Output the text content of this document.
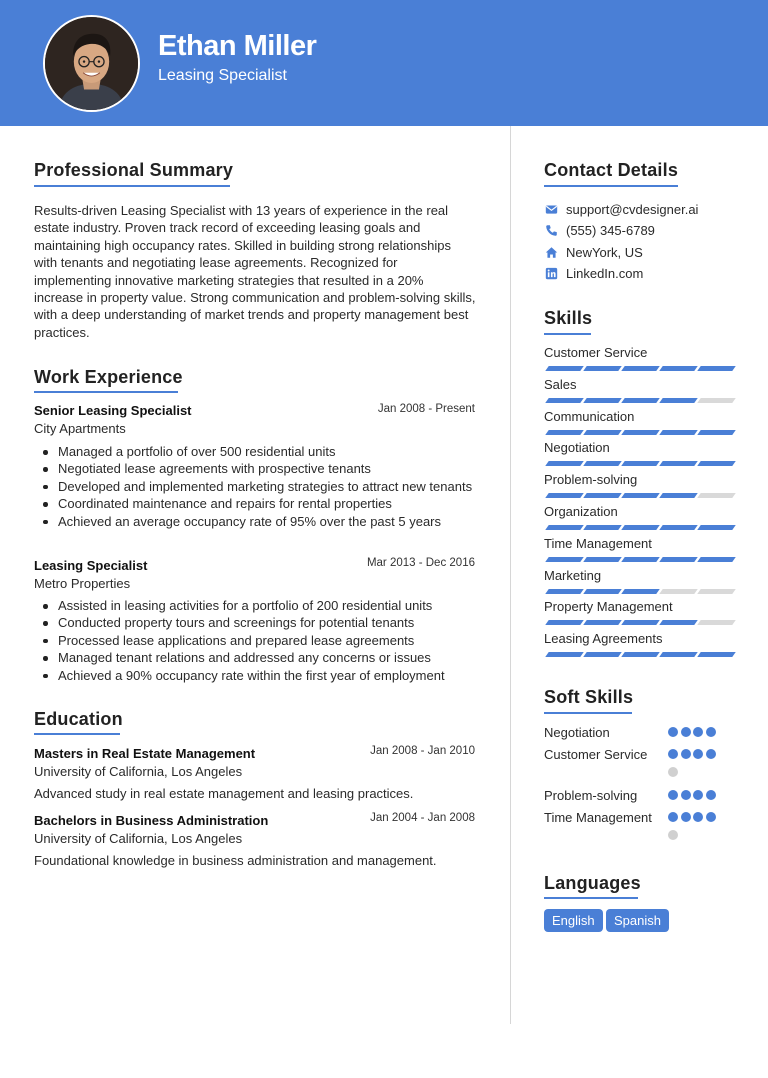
Ethan Miller
Leasing Specialist
Professional Summary
Results-driven Leasing Specialist with 13 years of experience in the real estate industry. Proven track record of exceeding leasing goals and maintaining high occupancy rates. Skilled in building strong relationships with tenants and negotiating lease agreements. Recognized for implementing innovative marketing strategies that resulted in a 20% increase in property value. Strong communication and problem-solving skills, with a deep understanding of market trends and property management best practices.
Work Experience
Senior Leasing Specialist	Jan 2008 - Present
City Apartments
Managed a portfolio of over 500 residential units
Negotiated lease agreements with prospective tenants
Developed and implemented marketing strategies to attract new tenants
Coordinated maintenance and repairs for rental properties
Achieved an average occupancy rate of 95% over the past 5 years
Leasing Specialist	Mar 2013 - Dec 2016
Metro Properties
Assisted in leasing activities for a portfolio of 200 residential units
Conducted property tours and screenings for potential tenants
Processed lease applications and prepared lease agreements
Managed tenant relations and addressed any concerns or issues
Achieved a 90% occupancy rate within the first year of employment
Education
Masters in Real Estate Management	Jan 2008 - Jan 2010
University of California, Los Angeles
Advanced study in real estate management and leasing practices.
Bachelors in Business Administration	Jan 2004 - Jan 2008
University of California, Los Angeles
Foundational knowledge in business administration and management.
Contact Details
support@cvdesigner.ai
(555) 345-6789
NewYork, US
LinkedIn.com
Skills
Customer Service
Sales
Communication
Negotiation
Problem-solving
Organization
Time Management
Marketing
Property Management
Leasing Agreements
Soft Skills
Negotiation
Customer Service
Problem-solving
Time Management
Languages
English	Spanish
